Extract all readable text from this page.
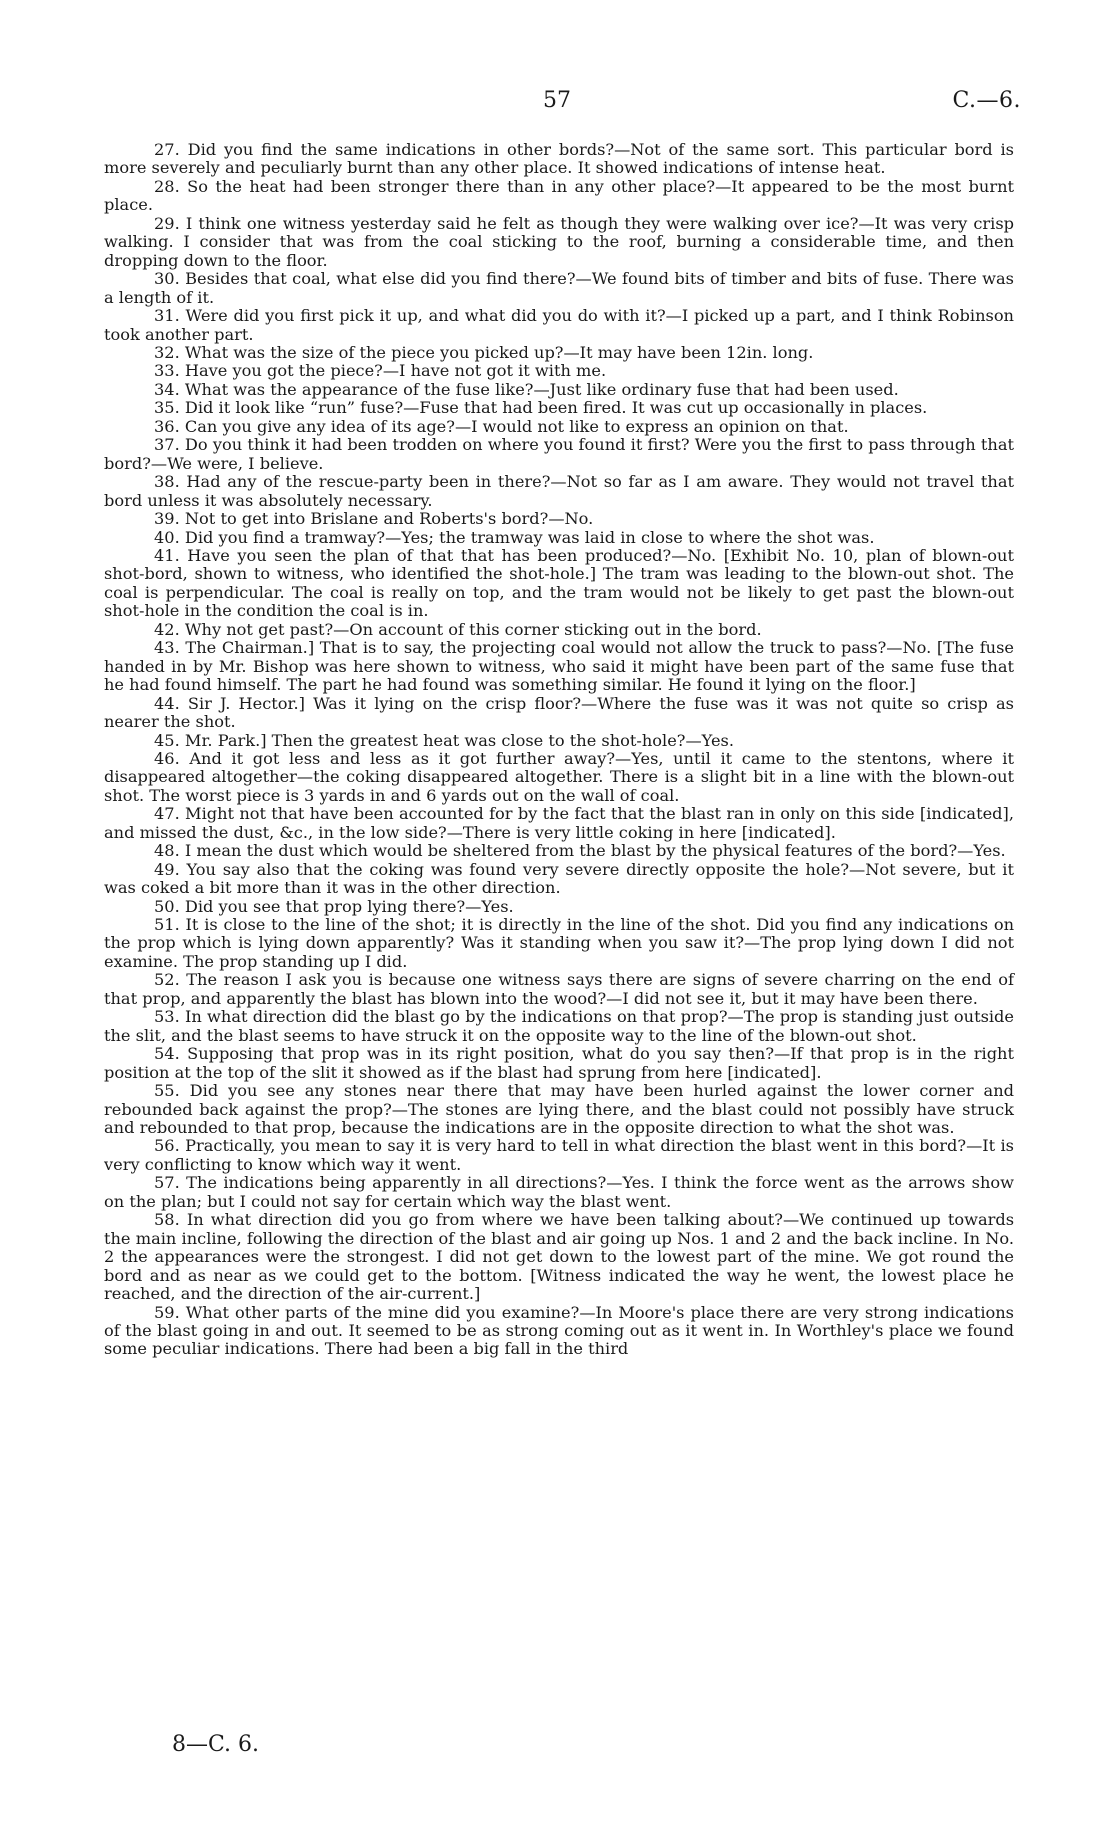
57	C.—6.

27. Did you find the same indications in other bords?—Not of the same sort. This particular bord is more severely and peculiarly burnt than any other place. It showed indications of intense heat.

28. So the heat had been stronger there than in any other place?—It appeared to be the most burnt place.

29. I think one witness yesterday said he felt as though they were walking over ice?—It was very crisp walking. I consider that was from the coal sticking to the roof, burning a considerable time, and then dropping down to the floor.

30. Besides that coal, what else did you find there?—We found bits of timber and bits of fuse. There was a length of it.

31. Were did you first pick it up, and what did you do with it?—I picked up a part, and I think Robinson took another part.

32. What was the size of the piece you picked up?—It may have been 12in. long.

33. Have you got the piece?—I have not got it with me.

34. What was the appearance of the fuse like?—Just like ordinary fuse that had been used.

35. Did it look like “run” fuse?—Fuse that had been fired. It was cut up occasionally in places.

36. Can you give any idea of its age?—I would not like to express an opinion on that.

37. Do you think it had been trodden on where you found it first? Were you the first to pass through that bord?—We were, I believe.

38. Had any of the rescue-party been in there?—Not so far as I am aware. They would not travel that bord unless it was absolutely necessary.

39. Not to get into Brislane and Roberts's bord?—No.

40. Did you find a tramway?—Yes; the tramway was laid in close to where the shot was.

41. Have you seen the plan of that that has been produced?—No. [Exhibit No. 10, plan of blown-out shot-bord, shown to witness, who identified the shot-hole.] The tram was leading to the blown-out shot. The coal is perpendicular. The coal is really on top, and the tram would not be likely to get past the blown-out shot-hole in the condition the coal is in.

42. Why not get past?—On account of this corner sticking out in the bord.

43. The Chairman.] That is to say, the projecting coal would not allow the truck to pass?—No. [The fuse handed in by Mr. Bishop was here shown to witness, who said it might have been part of the same fuse that he had found himself. The part he had found was something similar. He found it lying on the floor.]

44. Sir J. Hector.] Was it lying on the crisp floor?—Where the fuse was it was not quite so crisp as nearer the shot.

45. Mr. Park.] Then the greatest heat was close to the shot-hole?—Yes.

46. And it got less and less as it got further away?—Yes, until it came to the stentons, where it disappeared altogether—the coking disappeared altogether. There is a slight bit in a line with the blown-out shot. The worst piece is 3 yards in and 6 yards out on the wall of coal.

47. Might not that have been accounted for by the fact that the blast ran in only on this side [indicated], and missed the dust, &c., in the low side?—There is very little coking in here [indicated].

48. I mean the dust which would be sheltered from the blast by the physical features of the bord?—Yes.

49. You say also that the coking was found very severe directly opposite the hole?—Not severe, but it was coked a bit more than it was in the other direction.

50. Did you see that prop lying there?—Yes.

51. It is close to the line of the shot; it is directly in the line of the shot. Did you find any indications on the prop which is lying down apparently? Was it standing when you saw it?—The prop lying down I did not examine. The prop standing up I did.

52. The reason I ask you is because one witness says there are signs of severe charring on the end of that prop, and apparently the blast has blown into the wood?—I did not see it, but it may have been there.

53. In what direction did the blast go by the indications on that prop?—The prop is standing just outside the slit, and the blast seems to have struck it on the opposite way to the line of the blown-out shot.

54. Supposing that prop was in its right position, what do you say then?—If that prop is in the right position at the top of the slit it showed as if the blast had sprung from here [indicated].

55. Did you see any stones near there that may have been hurled against the lower corner and rebounded back against the prop?—The stones are lying there, and the blast could not possibly have struck and rebounded to that prop, because the indications are in the opposite direction to what the shot was.

56. Practically, you mean to say it is very hard to tell in what direction the blast went in this bord?—It is very conflicting to know which way it went.

57. The indications being apparently in all directions?—Yes. I think the force went as the arrows show on the plan; but I could not say for certain which way the blast went.

58. In what direction did you go from where we have been talking about?—We continued up towards the main incline, following the direction of the blast and air going up Nos. 1 and 2 and the back incline. In No. 2 the appearances were the strongest. I did not get down to the lowest part of the mine. We got round the bord and as near as we could get to the bottom. [Witness indicated the way he went, the lowest place he reached, and the direction of the air-current.]

59. What other parts of the mine did you examine?—In Moore's place there are very strong indications of the blast going in and out. It seemed to be as strong coming out as it went in. In Worthley's place we found some peculiar indications. There had been a big fall in the third

8—C. 6.
